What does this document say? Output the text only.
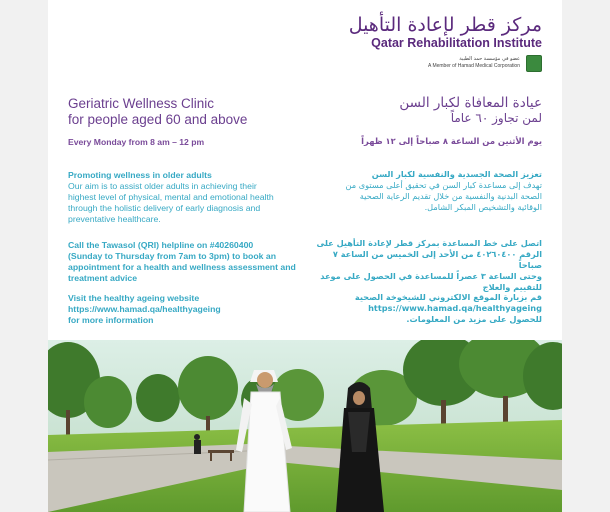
مركز قطر لإعادة التأهيل
Qatar Rehabilitation Institute
عضو في مؤسسة حمد الطبية
A Member of Hamad Medical Corporation
Geriatric Wellness Clinic
for people aged 60 and above
Every Monday from 8 am – 12 pm
عيادة المعافاة لكبار السن
لمن تجاوز ٦٠ عاماً
يوم الأثنين من الساعة ٨ صباحاً إلى ١٢ ظهراً
Promoting wellness in older adults
Our aim is to assist older adults in achieving their
highest level of physical, mental and emotional health
through the holistic delivery of early diagnosis and
preventative healthcare.
Call the Tawasol (QRI) helpline on #40260400
(Sunday to Thursday from 7am to 3pm) to book an
appointment for a health and wellness assessment and
treatment advice
Visit the healthy ageing website
https://www.hamad.qa/healthyageing
for more information
تعزيز الصحة الجسدية والنفسية لكبار السن
تهدف إلى مساعدة كبار السن في تحقيق أعلى مستوى من
الصحة البدنية والنفسية من خلال تقديم الرعاية الصحية
الوقائية والتشخيص المبكر الشامل.
اتصل على خط المساعدة بمركز قطر لإعادة التأهيل على
الرقم ٤٠٢٦٠٤٠٠ من الأحد إلى الخميس من الساعة ٧ صباحاً
وحتى الساعة ٣ عصراً للمساعدة في الحصول على موعد
للتقييم والعلاج
قم بزيارة الموقع الالكتروني للشيخوخة الصحية
https://www.hamad.qa/healthyageing
للحصول على مزيد من المعلومات.
